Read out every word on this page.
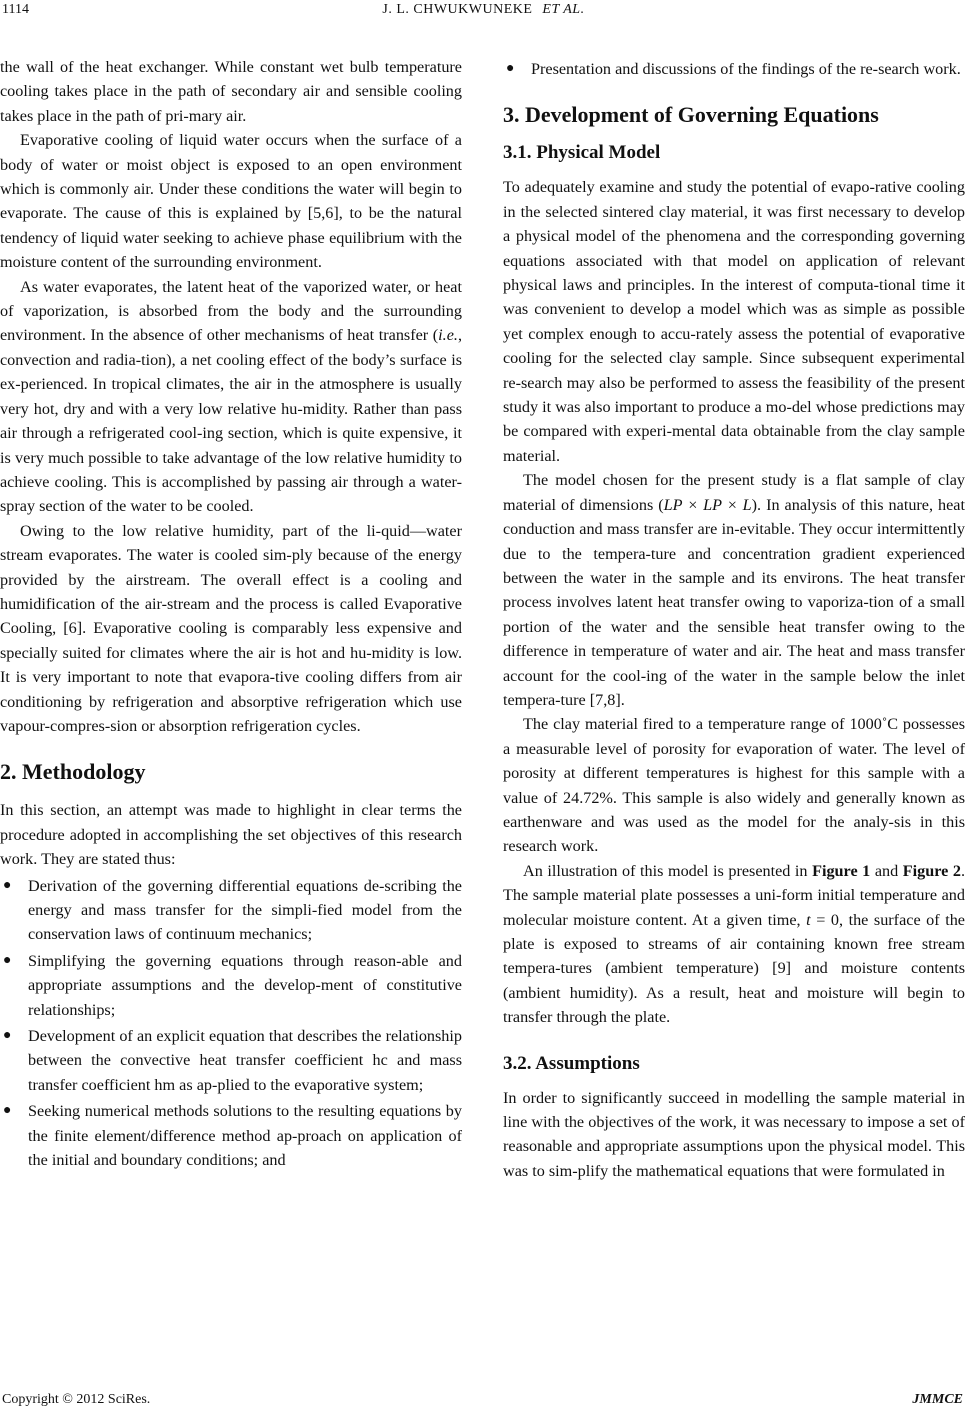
1114	J. L. CHWUKWUNEKE ET AL.

the wall of the heat exchanger. While constant wet bulb temperature cooling takes place in the path of secondary air and sensible cooling takes place in the path of pri-mary air.

Evaporative cooling of liquid water occurs when the surface of a body of water or moist object is exposed to an open environment which is commonly air. Under these conditions the water will begin to evaporate. The cause of this is explained by [5,6], to be the natural tendency of liquid water seeking to achieve phase equilibrium with the moisture content of the surrounding environment.

As water evaporates, the latent heat of the vaporized water, or heat of vaporization, is absorbed from the body and the surrounding environment. In the absence of other mechanisms of heat transfer (i.e., convection and radia-tion), a net cooling effect of the body’s surface is ex-perienced. In tropical climates, the air in the atmosphere is usually very hot, dry and with a very low relative hu-midity. Rather than pass air through a refrigerated cool-ing section, which is quite expensive, it is very much possible to take advantage of the low relative humidity to achieve cooling. This is accomplished by passing air through a water-spray section of the water to be cooled.

Owing to the low relative humidity, part of the li-quid—water stream evaporates. The water is cooled sim-ply because of the energy provided by the airstream. The overall effect is a cooling and humidification of the air-stream and the process is called Evaporative Cooling, [6]. Evaporative cooling is comparably less expensive and specially suited for climates where the air is hot and hu-midity is low. It is very important to note that evapora-tive cooling differs from air conditioning by refrigeration and absorptive refrigeration which use vapour-compres-sion or absorption refrigeration cycles.

2. Methodology

In this section, an attempt was made to highlight in clear terms the procedure adopted in accomplishing the set objectives of this research work. They are stated thus:

● Derivation of the governing differential equations de-scribing the energy and mass transfer for the simpli-fied model from the conservation laws of continuum mechanics;
● Simplifying the governing equations through reason-able and appropriate assumptions and the develop-ment of constitutive relationships;
● Development of an explicit equation that describes the relationship between the convective heat transfer coefficient hc and mass transfer coefficient hm as ap-plied to the evaporative system;
● Seeking numerical methods solutions to the resulting equations by the finite element/difference method ap-proach on application of the initial and boundary conditions; and
● Presentation and discussions of the findings of the re-search work.
3. Development of Governing Equations
3.1. Physical Model

To adequately examine and study the potential of evapo-rative cooling in the selected sintered clay material, it was first necessary to develop a physical model of the phenomena and the corresponding governing equations associated with that model on application of relevant physical laws and principles. In the interest of computa-tional time it was convenient to develop a model which was as simple as possible yet complex enough to accu-rately assess the potential of evaporative cooling for the selected clay sample. Since subsequent experimental re-search may also be performed to assess the feasibility of the present study it was also important to produce a mo-del whose predictions may be compared with experi-mental data obtainable from the clay sample material.

The model chosen for the present study is a flat sample of clay material of dimensions (LP × LP × L). In analysis of this nature, heat conduction and mass transfer are in-evitable. They occur intermittently due to the tempera-ture and concentration gradient experienced between the water in the sample and its environs. The heat transfer process involves latent heat transfer owing to vaporiza-tion of a small portion of the water and the sensible heat transfer owing to the difference in temperature of water and air. The heat and mass transfer account for the cool-ing of the water in the sample below the inlet tempera-ture [7,8].

The clay material fired to a temperature range of 1000˚C possesses a measurable level of porosity for evaporation of water. The level of porosity at different temperatures is highest for this sample with a value of 24.72%. This sample is also widely and generally known as earthenware and was used as the model for the analy-sis in this research work.

An illustration of this model is presented in Figure 1 and Figure 2. The sample material plate possesses a uni-form initial temperature and molecular moisture content. At a given time, t = 0, the surface of the plate is exposed to streams of air containing known free stream tempera-tures (ambient temperature) [9] and moisture contents (ambient humidity). As a result, heat and moisture will begin to transfer through the plate.

3.2. Assumptions

In order to significantly succeed in modelling the sample material in line with the objectives of the work, it was necessary to impose a set of reasonable and appropriate assumptions upon the physical model. This was to sim-plify the mathematical equations that were formulated in

Copyright © 2012 SciRes.	JMMCE
